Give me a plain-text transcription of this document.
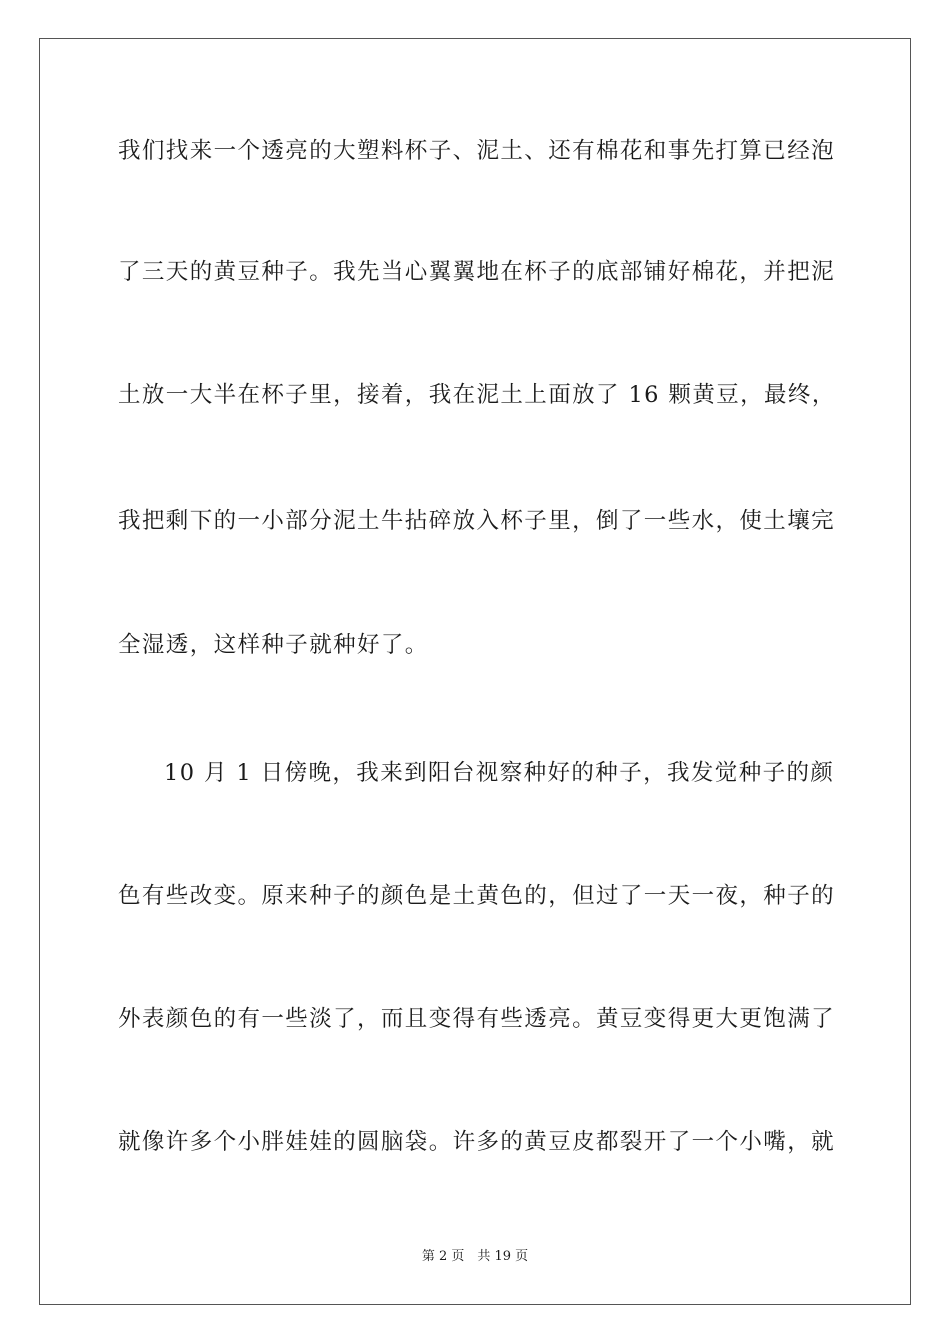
我们找来一个透亮的大塑料杯子、泥土、还有棉花和事先打算已经泡
了三天的黄豆种子。我先当心翼翼地在杯子的底部铺好棉花，并把泥
土放一大半在杯子里，接着，我在泥土上面放了 16 颗黄豆，最终，
我把剩下的一小部分泥土牛拈碎放入杯子里，倒了一些水，使土壤完
全湿透，这样种子就种好了。
10 月 1 日傍晚，我来到阳台视察种好的种子，我发觉种子的颜
色有些改变。原来种子的颜色是土黄色的，但过了一天一夜，种子的
外表颜色的有一些淡了，而且变得有些透亮。黄豆变得更大更饱满了
就像许多个小胖娃娃的圆脑袋。许多的黄豆皮都裂开了一个小嘴，就
第 2 页　共 19 页
